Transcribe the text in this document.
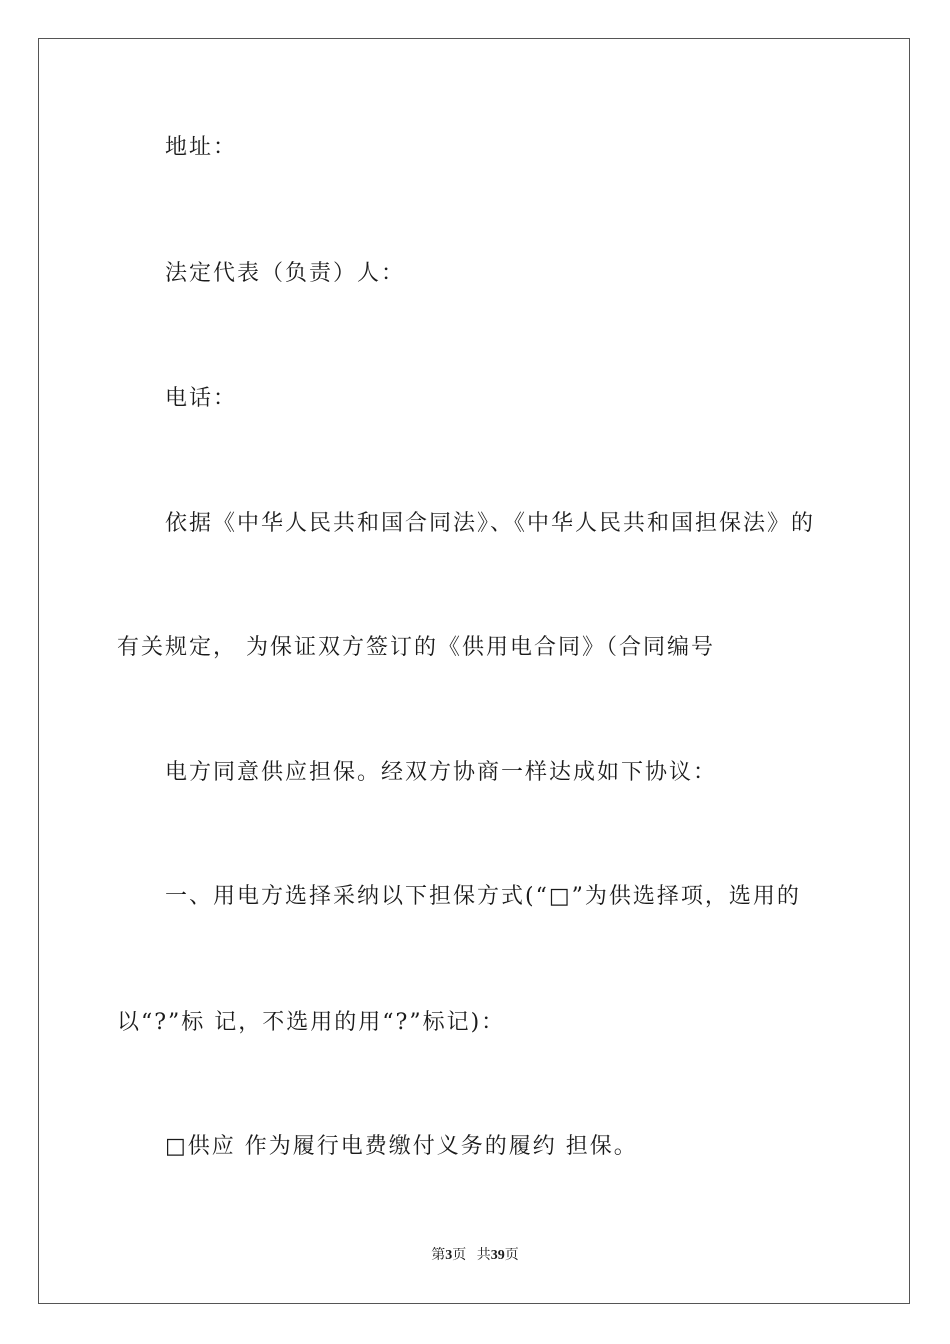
地址：
法定代表（负责）人：
电话：
依据《中华人民共和国合同法》、《中华人民共和国担保法》的
有关规定， 为保证双方签订的《供用电合同》（合同编号
电方同意供应担保。经双方协商一样达成如下协议：
一、用电方选择采纳以下担保方式(“□”为供选择项，选用的
以“?”标 记，不选用的用“?”标记)：
□供应 作为履行电费缴付义务的履约 担保。
第3页 共39页
